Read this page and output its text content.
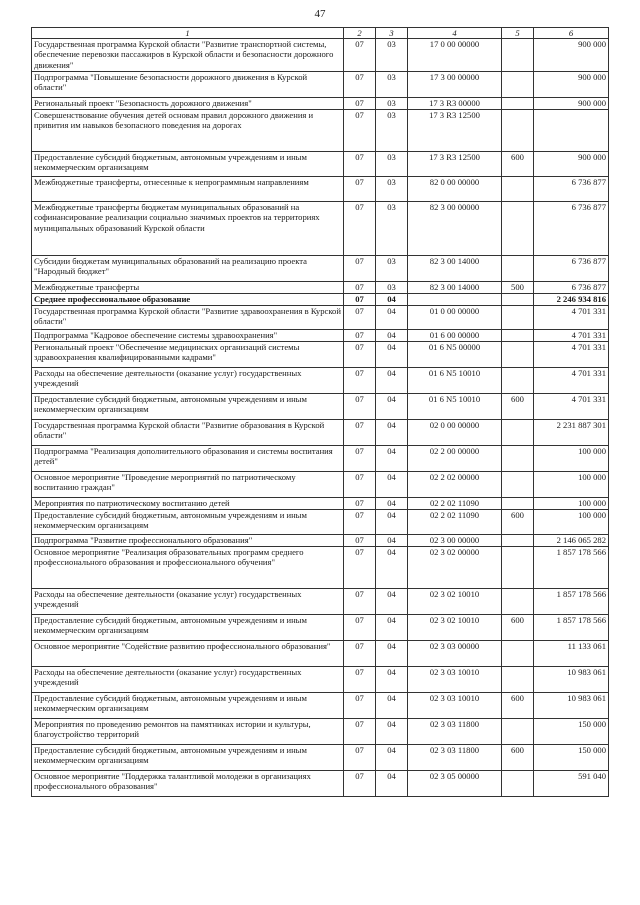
47
1	2	3	4	5	6
Государственная программа Курской области "Развитие транспортной системы, обеспечение перевозки пассажиров в Курской области и безопасности дорожного движения"	07	03	17 0 00 00000		900 000
Подпрограмма "Повышение безопасности дорожного движения в Курской области"	07	03	17 3 00 00000		900 000
Региональный проект "Безопасность дорожного движения"	07	03	17 3 R3 00000		900 000
Совершенствование обучения детей основам правил дорожного движения и привития им навыков безопасного поведения на дорогах	07	03	17 3 R3 12500		
Предоставление субсидий бюджетным, автономным учреждениям и иным некоммерческим организациям	07	03	17 3 R3 12500	600	900 000
Межбюджетные трансферты, отнесенные к непрограммным направлениям	07	03	82 0 00 00000		6 736 877
Межбюджетные трансферты бюджетам муниципальных образований на софинансирование реализации социально значимых проектов на территориях муниципальных образований Курской области	07	03	82 3 00 00000		6 736 877
Субсидии бюджетам муниципальных образований на реализацию проекта "Народный бюджет"	07	03	82 3 00 14000		6 736 877
Межбюджетные трансферты	07	03	82 3 00 14000	500	6 736 877
Среднее профессиональное образование	07	04			2 246 934 816
Государственная программа Курской области "Развитие здравоохранения в Курской области"	07	04	01 0 00 00000		4 701 331
Подпрограмма "Кадровое обеспечение системы здравоохранения"	07	04	01 6 00 00000		4 701 331
Региональный проект "Обеспечение медицинских организаций системы здравоохранения квалифицированными кадрами"	07	04	01 6 N5 00000		4 701 331
Расходы на обеспечение деятельности (оказание услуг) государственных учреждений	07	04	01 6 N5 10010		4 701 331
Предоставление субсидий бюджетным, автономным учреждениям и иным некоммерческим организациям	07	04	01 6 N5 10010	600	4 701 331
Государственная программа Курской области "Развитие образования в Курской области"	07	04	02 0 00 00000		2 231 887 301
Подпрограмма "Реализация дополнительного образования и системы воспитания детей"	07	04	02 2 00 00000		100 000
Основное мероприятие "Проведение мероприятий по патриотическому воспитанию граждан"	07	04	02 2 02 00000		100 000
Мероприятия по патриотическому воспитанию детей	07	04	02 2 02 11090		100 000
Предоставление субсидий бюджетным, автономным учреждениям и иным некоммерческим организациям	07	04	02 2 02 11090	600	100 000
Подпрограмма "Развитие профессионального образования"	07	04	02 3 00 00000		2 146 065 282
Основное мероприятие "Реализация образовательных программ среднего профессионального образования и профессионального обучения"	07	04	02 3 02 00000		1 857 178 566
Расходы на обеспечение деятельности (оказание услуг) государственных учреждений	07	04	02 3 02 10010		1 857 178 566
Предоставление субсидий бюджетным, автономным учреждениям и иным некоммерческим организациям	07	04	02 3 02 10010	600	1 857 178 566
Основное мероприятие "Содействие развитию профессионального образования"	07	04	02 3 03 00000		11 133 061
Расходы на обеспечение деятельности (оказание услуг) государственных учреждений	07	04	02 3 03 10010		10 983 061
Предоставление субсидий бюджетным, автономным учреждениям и иным некоммерческим организациям	07	04	02 3 03 10010	600	10 983 061
Мероприятия по проведению ремонтов на памятниках истории и культуры, благоустройство территорий	07	04	02 3 03 11800		150 000
Предоставление субсидий бюджетным, автономным учреждениям и иным некоммерческим организациям	07	04	02 3 03 11800	600	150 000
Основное мероприятие "Поддержка талантливой молодежи в организациях профессионального образования"	07	04	02 3 05 00000		591 040
